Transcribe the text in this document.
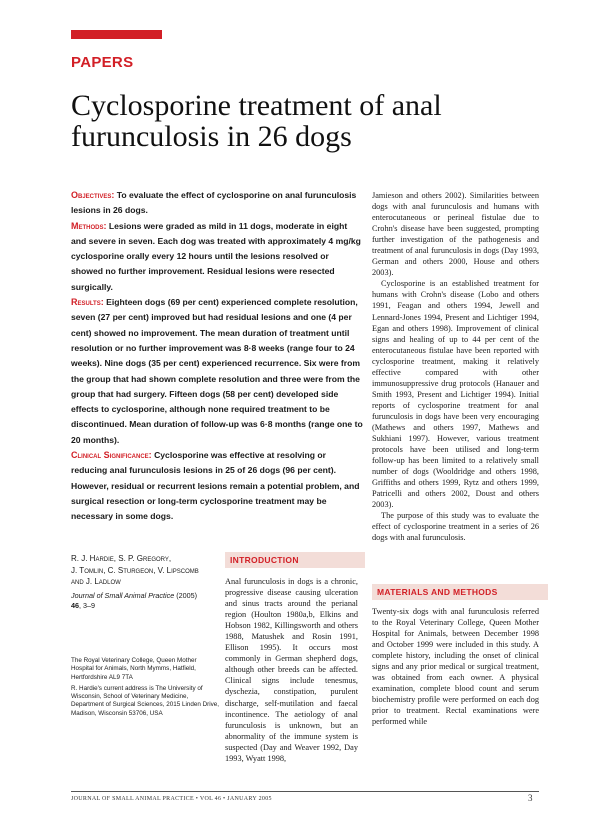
PAPERS
Cyclosporine treatment of anal furunculosis in 26 dogs

Objectives: To evaluate the effect of cyclosporine on anal furunculosis lesions in 26 dogs.

Methods: Lesions were graded as mild in 11 dogs, moderate in eight and severe in seven. Each dog was treated with approximately 4 mg/kg cyclosporine orally every 12 hours until the lesions resolved or showed no further improvement. Residual lesions were resected surgically.

Results: Eighteen dogs (69 per cent) experienced complete resolution, seven (27 per cent) improved but had residual lesions and one (4 per cent) showed no improvement. The mean duration of treatment until resolution or no further improvement was 8·8 weeks (range four to 24 weeks). Nine dogs (35 per cent) experienced recurrence. Six were from the group that had shown complete resolution and three were from the group that had surgery. Fifteen dogs (58 per cent) developed side effects to cyclosporine, although none required treatment to be discontinued. Mean duration of follow-up was 6·8 months (range one to 20 months).

Clinical Significance: Cyclosporine was effective at resolving or reducing anal furunculosis lesions in 25 of 26 dogs (96 per cent). However, residual or recurrent lesions remain a potential problem, and surgical resection or long-term cyclosporine treatment may be necessary in some dogs.

R. J. Hardie, S. P. Gregory,
J. Tomlin, C. Sturgeon, V. Lipscomb
and J. Ladlow
Journal of Small Animal Practice (2005)
46, 3–9

The Royal Veterinary College, Queen Mother Hospital for Animals, North Mymms, Hatfield, Hertfordshire AL9 7TA

R. Hardie's current address is The University of Wisconsin, School of Veterinary Medicine, Department of Surgical Sciences, 2015 Linden Drive, Madison, Wisconsin 53706, USA

INTRODUCTION

Anal furunculosis in dogs is a chronic, progressive disease causing ulceration and sinus tracts around the perianal region (Houlton 1980a,b, Elkins and Hobson 1982, Killingsworth and others 1988, Matushek and Rosin 1991, Ellison 1995). It occurs most commonly in German shepherd dogs, although other breeds can be affected. Clinical signs include tenesmus, dyschezia, constipation, purulent discharge, self-mutilation and faecal incontinence. The aetiology of anal furunculosis is unknown, but an abnormality of the immune system is suspected (Day and Weaver 1992, Day 1993, Wyatt 1998,

Jamieson and others 2002). Similarities between dogs with anal furunculosis and humans with enterocutaneous or perineal fistulae due to Crohn's disease have been suggested, prompting further investigation of the pathogenesis and treatment of anal furunculosis in dogs (Day 1993, German and others 2000, House and others 2003).

Cyclosporine is an established treatment for humans with Crohn's disease (Lobo and others 1991, Feagan and others 1994, Jewell and Lennard-Jones 1994, Present and Lichtiger 1994, Egan and others 1998). Improvement of clinical signs and healing of up to 44 per cent of the enterocutaneous fistulae have been reported with cyclosporine treatment, making it relatively effective compared with other immunosuppressive drug protocols (Hanauer and Smith 1993, Present and Lichtiger 1994). Initial reports of cyclosporine treatment for anal furunculosis in dogs have been very encouraging (Mathews and others 1997, Mathews and Sukhiani 1997). However, various treatment protocols have been utilised and long-term follow-up has been limited to a relatively small number of dogs (Wooldridge and others 1998, Griffiths and others 1999, Rytz and others 1999, Patricelli and others 2002, Doust and others 2003).

The purpose of this study was to evaluate the effect of cyclosporine treatment in a series of 26 dogs with anal furunculosis.

MATERIALS AND METHODS

Twenty-six dogs with anal furunculosis referred to the Royal Veterinary College, Queen Mother Hospital for Animals, between December 1998 and October 1999 were included in this study. A complete history, including the onset of clinical signs and any prior medical or surgical treatment, was obtained from each owner. A physical examination, complete blood count and serum biochemistry profile were performed on each dog prior to treatment. Rectal examinations were performed while

JOURNAL OF SMALL ANIMAL PRACTICE • VOL 46 • JANUARY 2005	3
